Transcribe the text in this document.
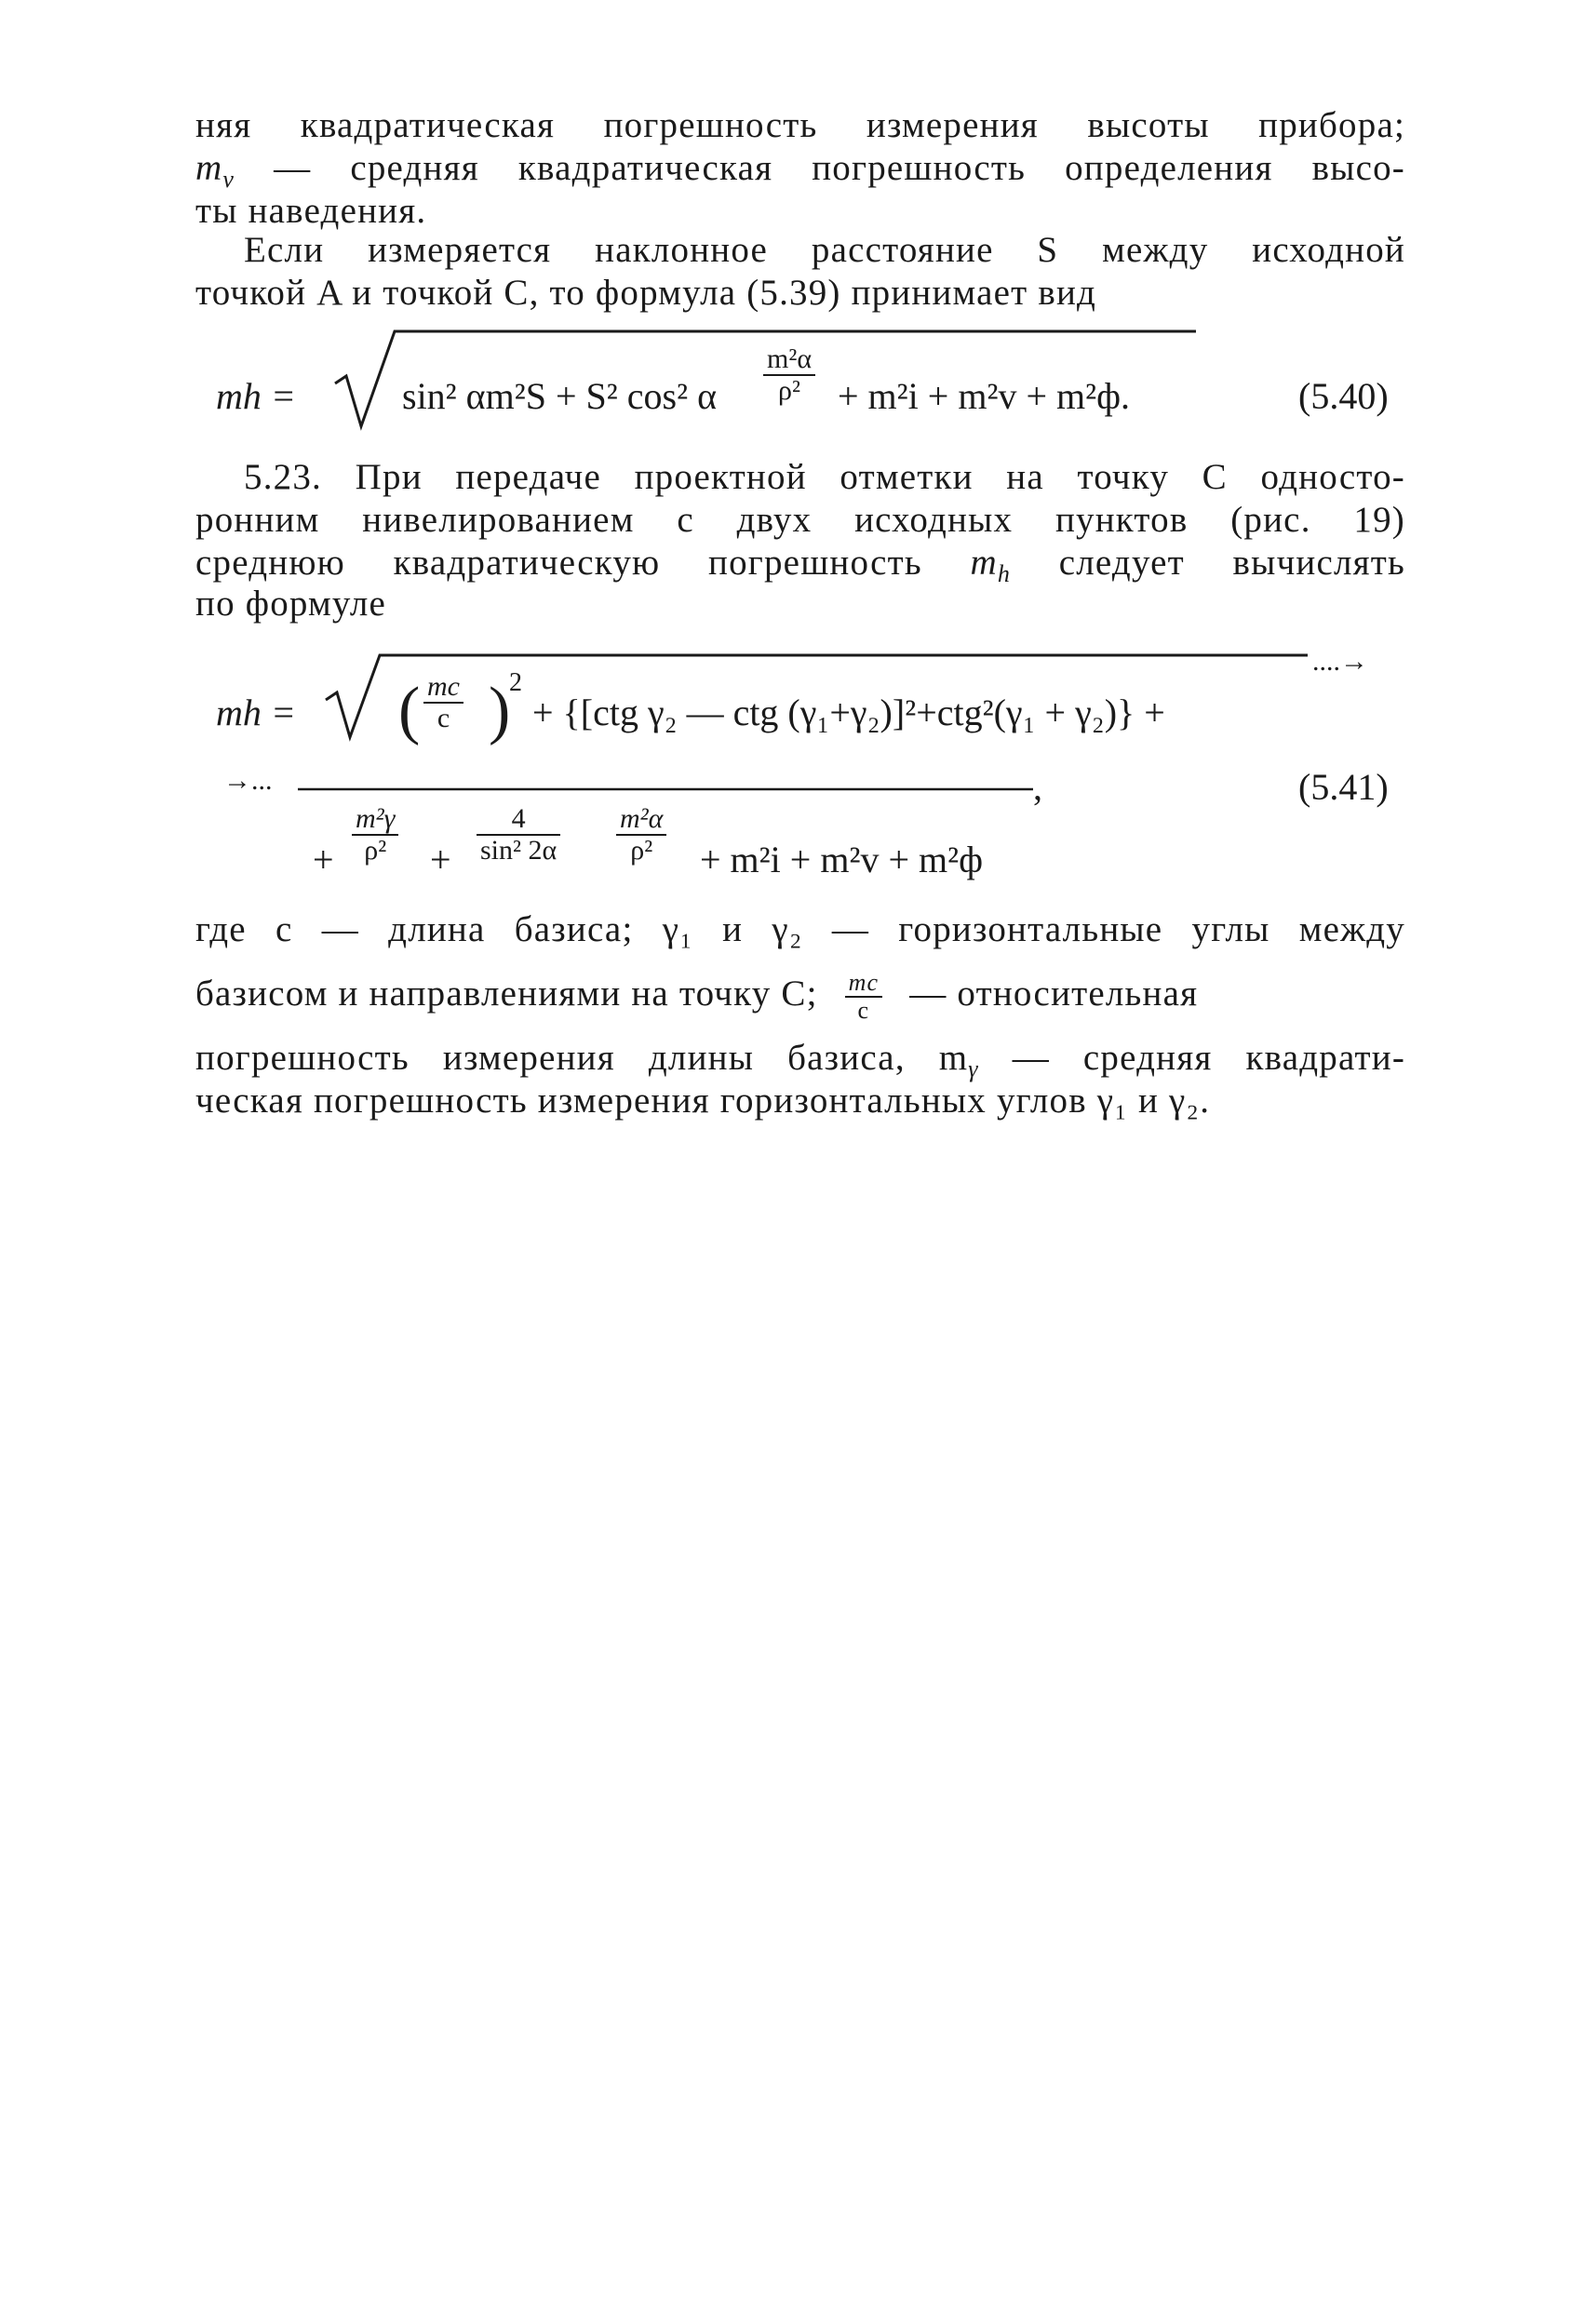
няя квадратическая погрешность измерения высоты прибора;
$m_v$ — средняя квадратическая погрешность определения высо-
ты наведения.
Если измеряется наклонное расстояние S между исходной
точкой A и точкой C, то формула (5.39) принимает вид
mh =	sin² αm²S + S² cos² α $\frac{\text{m²α}}{\text{ρ²}} + m^2i + m^2v + m^2ф$.	(5.40)
5.23. При передаче проектной отметки на точку C односто-
ронним нивелированием с двух исходных пунктов (рис. 19)
среднюю квадратическую погрешность $m_h$ следует вычислять
по формуле
mh = ( $\frac{mc}{c}$ )
2
+ {[ctg γ₂ — ctg (γ₁+γ₂)]²+ctg²(γ₁ + γ₂)} +
....→
→...	,	(5.41)
+ $\frac{\text{m²γ}}{\text{ρ²}} + \frac{4}{\text{sin² 2α}} \frac{\text{m²α}}{\text{ρ²}} + m^2i + m^2v + m^2ф$
где с — длина базиса; γ₁ и γ₂ — горизонтальные углы между
базисом и направлениями на точку C; $\frac{mс}{с}$ — относительная
погрешность измерения длины базиса, $m_\gamma$ — средняя квадрати-
ческая погрешность измерения горизонтальных углов γ₁ и γ₂.
